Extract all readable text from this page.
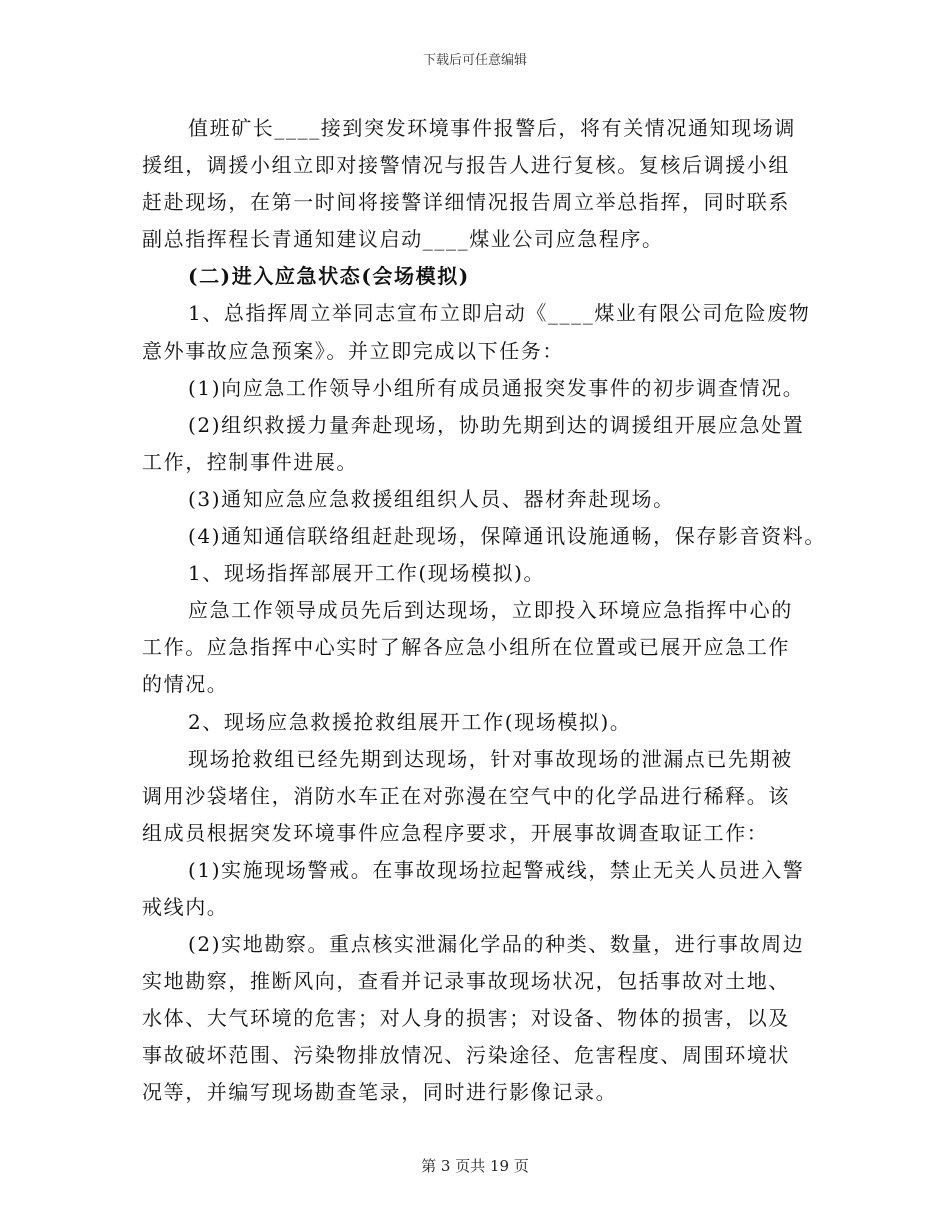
下载后可任意编辑
值班矿长____接到突发环境事件报警后，将有关情况通知现场调
援组，调援小组立即对接警情况与报告人进行复核。复核后调援小组
赶赴现场，在第一时间将接警详细情况报告周立举总指挥，同时联系
副总指挥程长青通知建议启动____煤业公司应急程序。
(二)进入应急状态(会场模拟)
1、总指挥周立举同志宣布立即启动《____煤业有限公司危险废物
意外事故应急预案》。并立即完成以下任务：
(1)向应急工作领导小组所有成员通报突发事件的初步调查情况。
(2)组织救援力量奔赴现场，协助先期到达的调援组开展应急处置
工作，控制事件进展。
(3)通知应急应急救援组组织人员、器材奔赴现场。
(4)通知通信联络组赶赴现场，保障通讯设施通畅，保存影音资料。
1、现场指挥部展开工作(现场模拟)。
应急工作领导成员先后到达现场，立即投入环境应急指挥中心的
工作。应急指挥中心实时了解各应急小组所在位置或已展开应急工作
的情况。
2、现场应急救援抢救组展开工作(现场模拟)。
现场抢救组已经先期到达现场，针对事故现场的泄漏点已先期被
调用沙袋堵住，消防水车正在对弥漫在空气中的化学品进行稀释。该
组成员根据突发环境事件应急程序要求，开展事故调查取证工作：
(1)实施现场警戒。在事故现场拉起警戒线，禁止无关人员进入警
戒线内。
(2)实地勘察。重点核实泄漏化学品的种类、数量，进行事故周边
实地勘察，推断风向，查看并记录事故现场状况，包括事故对土地、
水体、大气环境的危害；对人身的损害；对设备、物体的损害，以及
事故破坏范围、污染物排放情况、污染途径、危害程度、周围环境状
况等，并编写现场勘查笔录，同时进行影像记录。
第 3 页共 19 页
